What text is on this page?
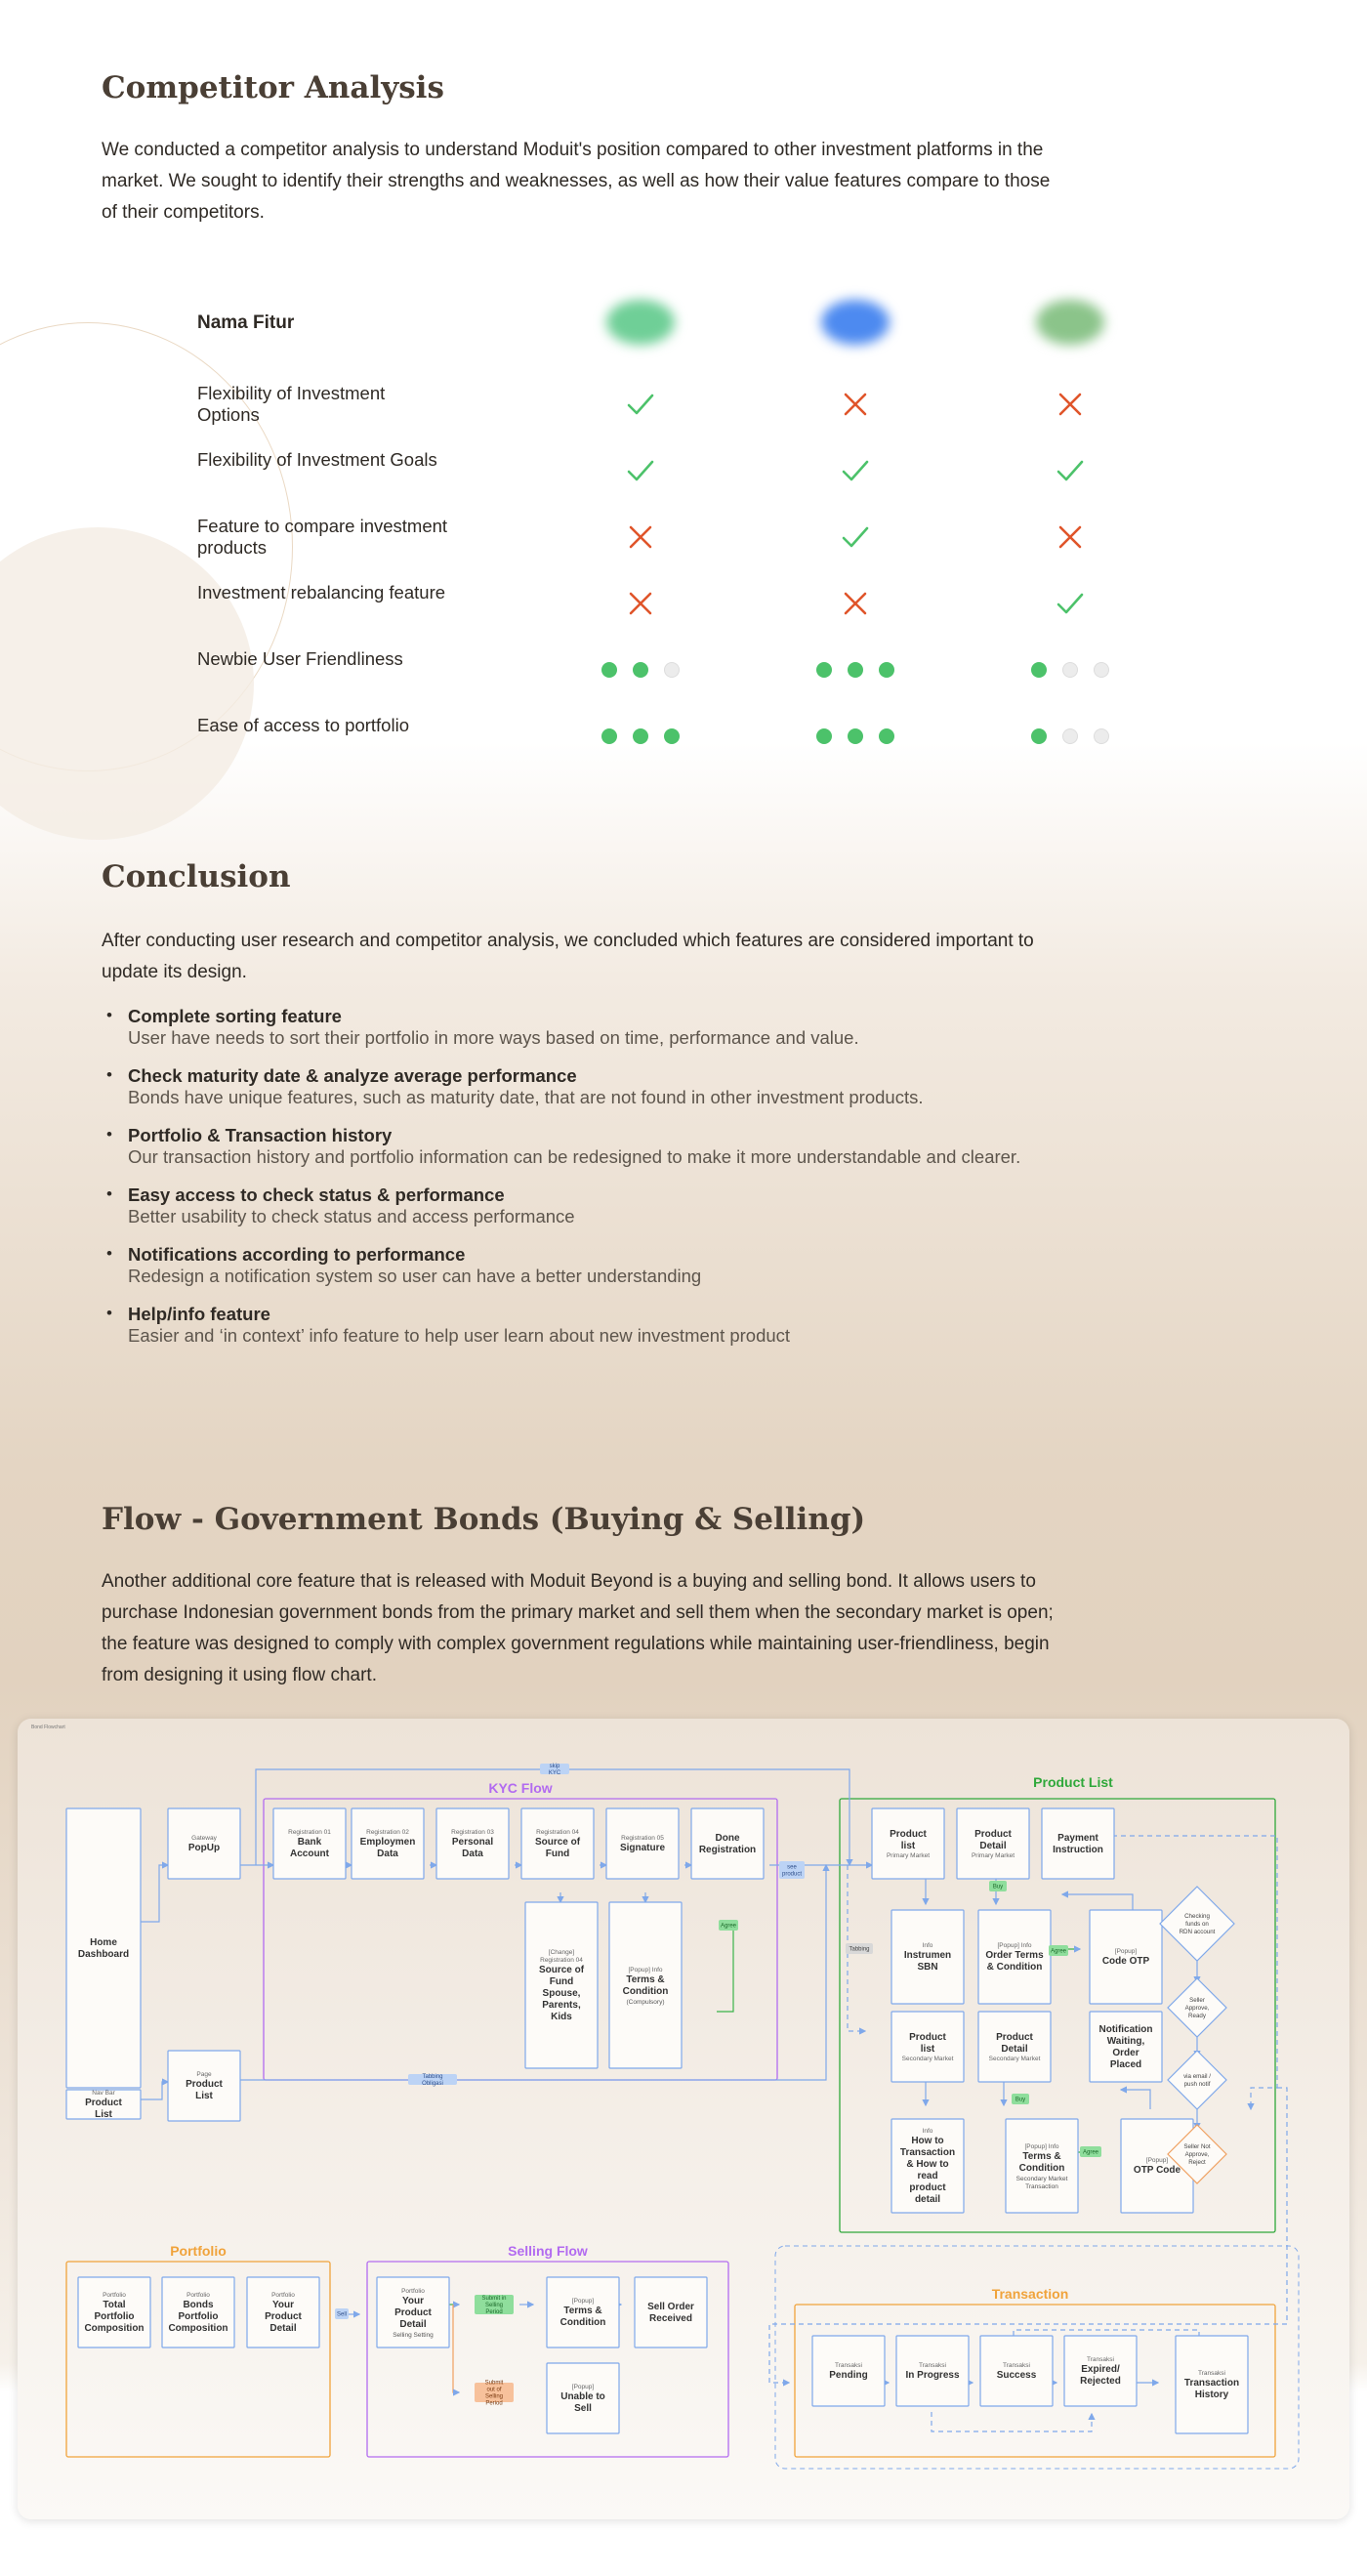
Competitor Analysis

We conducted a competitor analysis to understand Moduit's position compared to other investment platforms in the market. We sought to identify their strengths and weaknesses, as well as how their value features compare to those of their competitors.

Nama Fitur
Flexibility of Investment Options
Flexibility of Investment Goals
Feature to compare investment products
Investment rebalancing feature
Newbie User Friendliness
Ease of access to portfolio
Conclusion

After conducting user research and competitor analysis, we concluded which features are considered important to update its design.

• Complete sorting feature
User have needs to sort their portfolio in more ways based on time, performance and value.
• Check maturity date & analyze average performance
Bonds have unique features, such as maturity date, that are not found in other investment products.
• Portfolio & Transaction history
Our transaction history and portfolio information can be redesigned to make it more understandable and clearer.
• Easy access to check status & performance
Better usability to check status and access performance
• Notifications according to performance
Redesign a notification system so user can have a better understanding
• Help/info feature
Easier and ‘in context’ info feature to help user learn about new investment product
Flow - Government Bonds (Buying & Selling)

Another additional core feature that is released with Moduit Beyond is a buying and selling bond. It allows users to purchase Indonesian government bonds from the primary market and sell them when the secondary market is open; the feature was designed to comply with complex government regulations while maintaining user-friendliness, begin from designing it using flow chart.

Bond Flowchart
KYC Flow	Product List
Portfolio	Selling Flow
Transaction
Home
Dashboard
Nav Bar
Product
List
Gateway
PopUp
Page
Product
List
Registration 01
Bank
Account
Registration 02
Employmen
Data
Registration 03
Personal
Data
Registration 04
Source of
Fund
Registration 05
Signature
Done
Registration
[Change]
Registration 04
Source of
Fund
Spouse,
Parents,
Kids
[Popup] Info
Terms &
Condition
(Compulsory)
Product
list
Primary Market
Product
Detail
Primary Market
Payment
Instruction
Info
Instrumen
SBN
[Popup] Info
Order Terms
& Condition
[Popup]
Code OTP
Product
list
Secondary Market
Product
Detail
Secondary Market
Notification
Waiting,
Order
Placed
Info
How to
Transaction
& How to
read
product
detail
[Popup] Info
Terms &
Condition
Secondary Market
Transaction
[Popup]
OTP Code
Checking
funds on
RDN account
Seller
Approve,
Ready
via email /
push notif
Seller Not
Approve,
Reject
Portfolio
Total
Portfolio
Composition
Portfolio
Bonds
Portfolio
Composition
Portfolio
Your
Product
Detail
Portfolio
Your
Product
Detail
Selling Setting
[Popup]
Terms &
Condition
Sell Order
Received
[Popup]
Unable to
Sell
Transaksi
Pending
Transaksi
In Progress
Transaksi
Success
Transaksi
Expired/
Rejected
Transaksi
Transaction
History
skip
KYC
see
product
Agree
Agree
Buy
Buy
Agree
Tabbing
Tabbing
Obligasi
Sell
Submit in
Selling
Period
Submit
out of
Selling
Period
